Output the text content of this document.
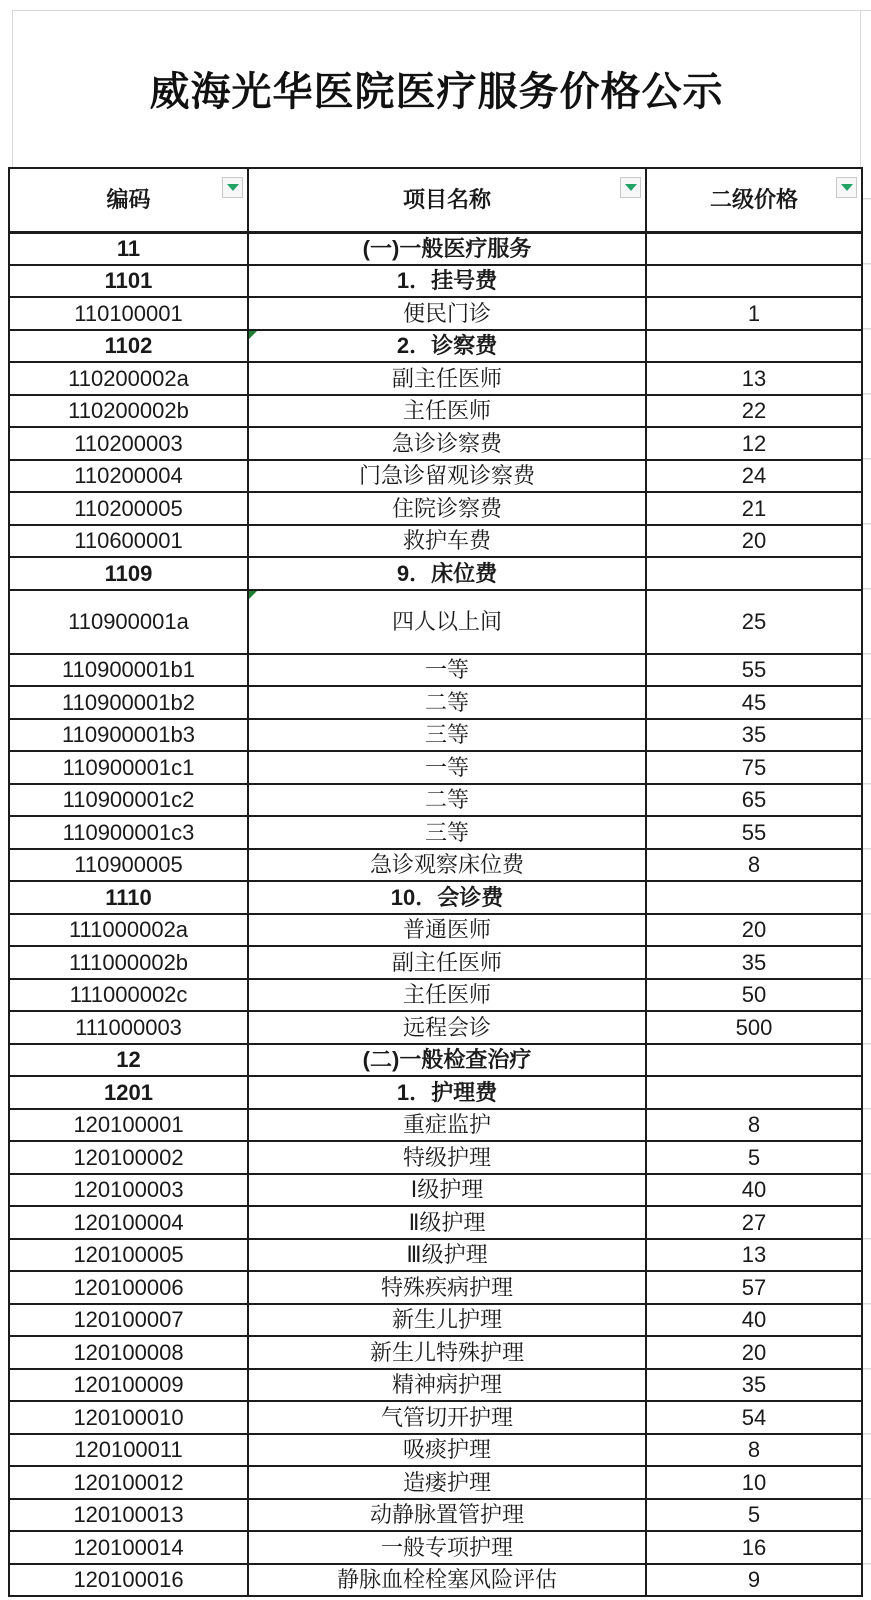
威海光华医院医疗服务价格公示
编码	项目名称	二级价格

11	(一)一般医疗服务	
1101	1．挂号费	
110100001	便民门诊	1
1102	2．诊察费	
110200002a	副主任医师	13
110200002b	主任医师	22
110200003	急诊诊察费	12
110200004	门急诊留观诊察费	24
110200005	住院诊察费	21
110600001	救护车费	20
1109	9．床位费	
110900001a	四人以上间	25
110900001b1	一等	55
110900001b2	二等	45
110900001b3	三等	35
110900001c1	一等	75
110900001c2	二等	65
110900001c3	三等	55
110900005	急诊观察床位费	8
1110	10．会诊费	
111000002a	普通医师	20
111000002b	副主任医师	35
111000002c	主任医师	50
111000003	远程会诊	500
12	(二)一般检查治疗	
1201	1．护理费	
120100001	重症监护	8
120100002	特级护理	5
120100003	Ⅰ级护理	40
120100004	Ⅱ级护理	27
120100005	Ⅲ级护理	13
120100006	特殊疾病护理	57
120100007	新生儿护理	40
120100008	新生儿特殊护理	20
120100009	精神病护理	35
120100010	气管切开护理	54
120100011	吸痰护理	8
120100012	造瘘护理	10
120100013	动静脉置管护理	5
120100014	一般专项护理	16
120100016	静脉血栓栓塞风险评估	9
